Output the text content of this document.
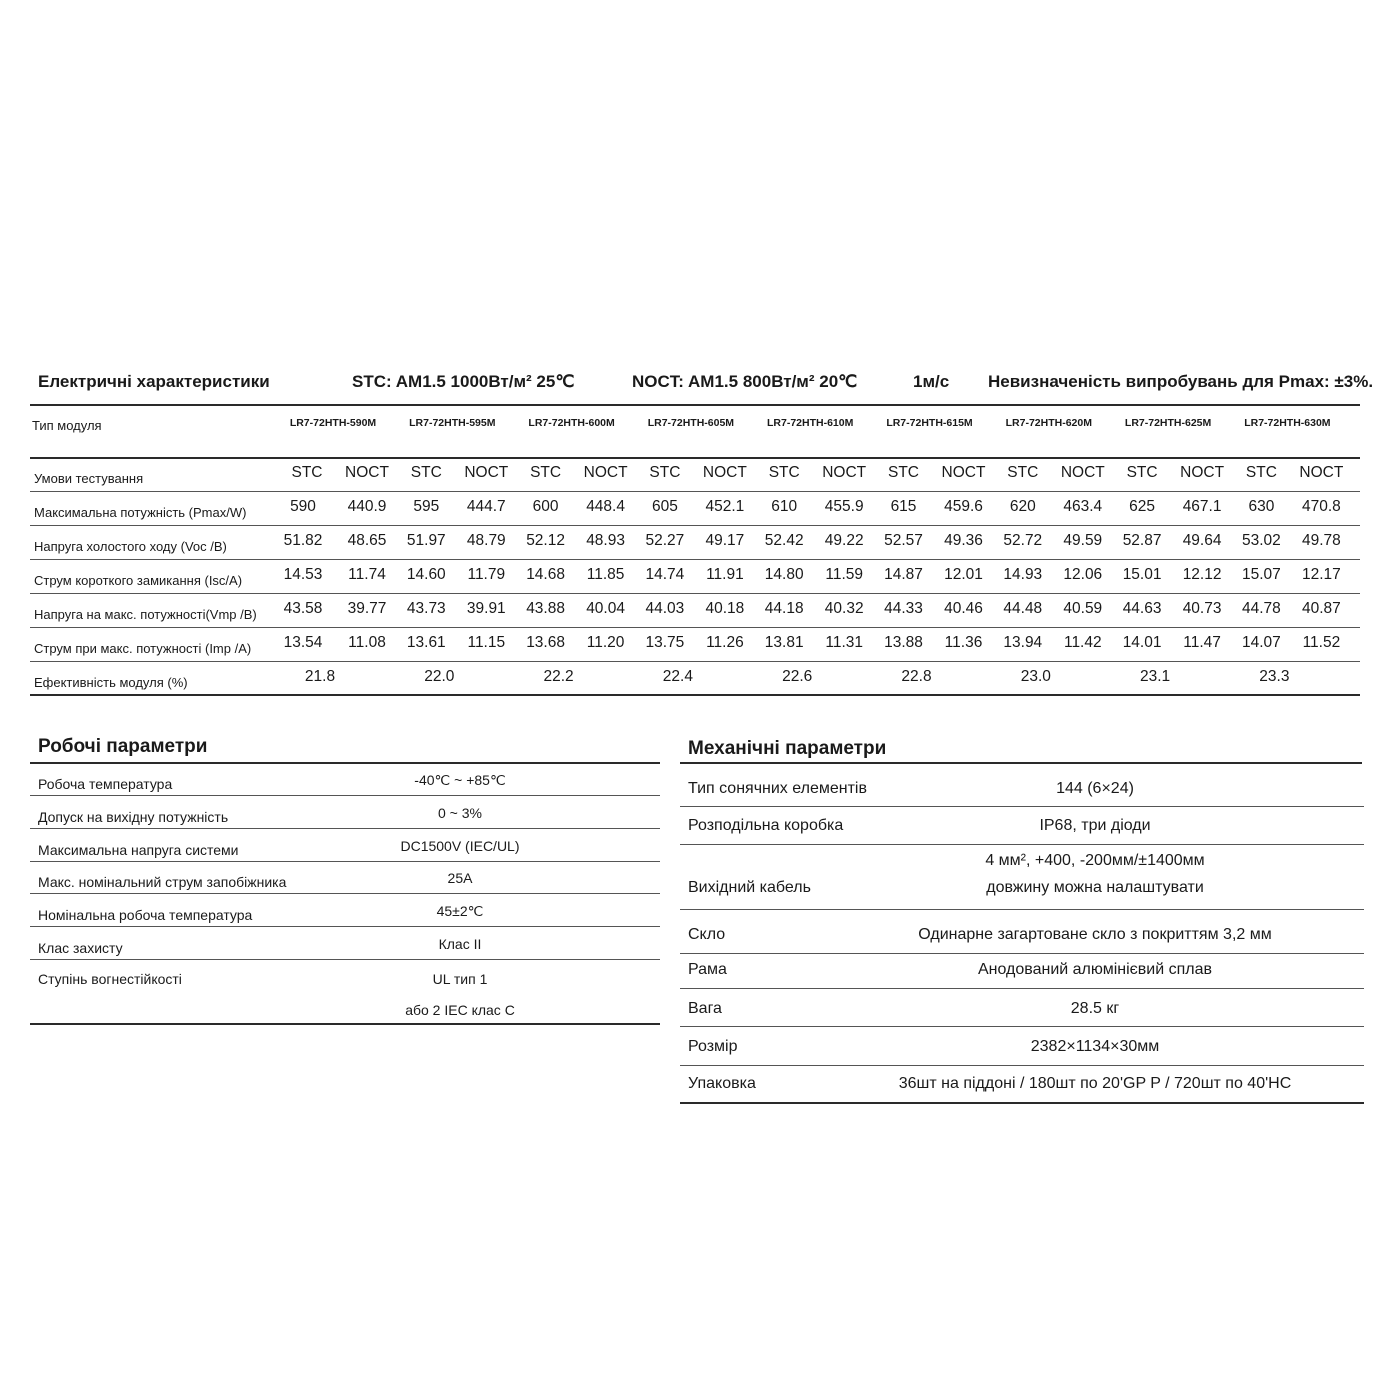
Електричні характеристики	STC: AM1.5 1000Вт/м² 25℃	NOCT: AM1.5 800Вт/м² 20℃	1м/с Невизначеність випробувань для Pmax: ±3%.
Тип модуля	LR7-72HTH-590M	LR7-72HTH-595M	LR7-72HTH-600M	LR7-72HTH-605M	LR7-72HTH-610M	LR7-72HTH-615M	LR7-72HTH-620M	LR7-72HTH-625M	LR7-72HTH-630M
Умови тестування	STC	NOCT	STC	NOCT	STC	NOCT	STC	NOCT	STC	NOCT	STC	NOCT	STC	NOCT	STC	NOCT	STC	NOCT
Максимальна потужність (Pmax/W)	590	440.9	595	444.7	600	448.4	605	452.1	610	455.9	615	459.6	620	463.4	625	467.1	630	470.8
Напруга холостого ходу (Voc /В)	51.82	48.65	51.97	48.79	52.12	48.93	52.27	49.17	52.42	49.22	52.57	49.36	52.72	49.59	52.87	49.64	53.02	49.78
Струм короткого замикання (Isc/A)	14.53	11.74	14.60	11.79	14.68	11.85	14.74	11.91	14.80	11.59	14.87	12.01	14.93	12.06	15.01	12.12	15.07	12.17
Напруга на макс. потужності(Vmp /В)	43.58	39.77	43.73	39.91	43.88	40.04	44.03	40.18	44.18	40.32	44.33	40.46	44.48	40.59	44.63	40.73	44.78	40.87
Струм при макс. потужності (Imp /A)	13.54	11.08	13.61	11.15	13.68	11.20	13.75	11.26	13.81	11.31	13.88	11.36	13.94	11.42	14.01	11.47	14.07	11.52
Ефективність модуля (%)	21.8	22.0	22.2	22.4	22.6	22.8	23.0	23.1	23.3
Робочі параметри
Робоча температура	-40℃ ~ +85℃
Допуск на вихідну потужність	0 ~ 3%
Максимальна напруга системи	DC1500V (IEC/UL)
Макс. номінальний струм запобіжника	25A
Номінальна робоча температура	45±2℃
Клас захисту	Клас II
Ступінь вогнестійкості	UL тип 1
або 2 IEC клас C
Механічні параметри
Тип сонячних елементів	144 (6×24)
Розподільна коробка	IP68, три діоди
Вихідний кабель
4 мм², +400, -200мм/±1400мм
довжину можна налаштувати
Скло	Одинарне загартоване скло з покриттям 3,2 мм
Рама	Анодований алюмінієвий сплав
Вага	28.5 кг
Розмір	2382×1134×30мм
Упаковка	36шт на піддоні / 180шт по 20'GP P / 720шт по 40'HC
